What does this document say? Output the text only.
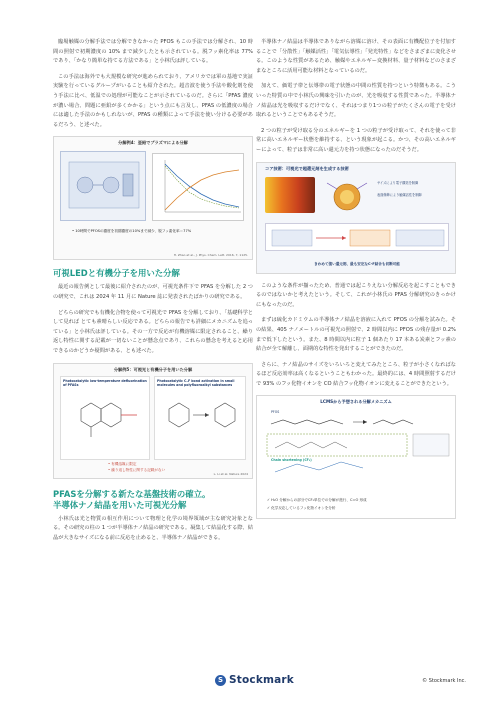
臨場触媒の分解手法では分解できなかった PFOS もこの手法では分解され、10 時間の照射で初期濃度の 10% まで減少したとも示されている。脱フッ素化率は 77% であり、「かなり簡単な持てる方法である」と小林氏は評している。

この手法は海外でも大規模な研究が進められており、アメリカでは軍の基地で実証実験を行っているグループがいることも紹介された。超音波を使う手法や酸化剤を使う手法に比べ、低温での処理が可能なことが示されているのだ。さらに「PFAS 濃度が濃い場合、問題に亜鉛が多くかかる」という点にも言及し、PFAS の低濃度の場合には適した手法のかもしれないが、PFAS の種類によって手法を使い分ける必要があるだろう、と述べた。

分解例4：亜鉛でプラズマによる分解
• 10時間でPFOSの濃度を初期濃度の10%まで減少、脱フッ素化率＝77%
H. Zhao et al., J. Phys. Chem. Lett. 2016, 7, 1125.
可視LEDと有機分子を用いた分解

最近の報告例として最後に紹介されたのが、可視光条件下で PFAS を分解した 2 つの研究で、これは 2024 年 11 月に Nature 誌に発表されたばかりの研究である。

どちらの研究でも有機化合物を使って可視光で PFAS を分解しており、「基礎科学として見れば とても素晴らしい反応である。どちらの報告でも詳細にメカニズムを追っている」と小林氏は評している。その一方で反応が有機溶媒に限定されること、繰り返し特性に関する記載が一切ないことが懸念点であり、これらの懸念を考えると応用できるのかどうか疑問がある、とも述べた。

分解例5：可視光と有機分子を用いた分解
Photocatalytic low-temperature defluorination of PFASs
Photocatalytic C–F bond activation in small molecules and polyfluoroalkyl substances
• 有機溶媒に限定
• 繰り返し特性に関する記載がない
L. Li et al. Nature 2024
PFASを分解する新たな基盤技術の確立。
半導体ナノ結晶を用いた可視光分解

小林氏は光と物質の相互作用について物理と化学の境界領域が主な研究対象となる。その研究の柱の 1 つが半導体ナノ結晶の研究である。凝集して結晶化する際、結晶が大きなサイズになる前に反応を止めると、半導体ナノ結晶ができる。

半導体ナノ結晶は半導体でありながら溶媒に溶け、その表面に有機配位子を付加することで「分散性」「触媒活性」「電気伝導性」「発光特性」などをさまざまに変化させる。このような性質があるため、触媒やエネルギー変換材料、量子材料などのさまざまなところに活用可能な材料となっているのだ。

加えて、価電子帯と伝導帯の電子状態の中間の性質を持つという特徴もある。こういった特質の中で小林氏の興味を引いたのが、光を吸収する性質であった。半導体ナノ結晶は光を吸収するだけでなく、それはつまり1つの粒子がたくさんの電子を受け取れるということでもあるそうだ。

2 つの粒子が受け取る分のエネルギーを 1 つの粒子が受け取って、それを使って非常に高いエネルギー状態を維持する、という現象が起こる。かつ、その高いエネルギーによって、粒子は非常に高い還元力を持つ状態になったのだそうだ。

コア技術：可視光で超還元剤を生成する技術
サイズにより電子構造を制御
表面修飾により触媒活性を制御
きわめて強い還元剤、最も安定なC-F結合も切断可能

このような条件が揃ったため、普通では起こりえない分解反応を起こすこともできるのではないかと考えたという。そして、これが小林氏の PFAS 分解研究のきっかけにもなったのだ。

まずは硫化カドミウムの半導体ナノ結晶を溶液に入れて PFOS の分解を試みた。その結果、405 ナノメートルの可視光の照射で、2 時間以内に PFOS の残存量が 0.2% まで低下したという。また、8 時間以内に粒子 1 個あたり 17 本ある炭素とフッ素の結合が全て解離し、面期的な特性を発出することができたのだ。

さらに、ナノ結晶のサイズをいろいろと変えてみたところ、粒子が小さくなればなるほど反応効率は高くなるということもわかった。最終的には、4 時間照射するだけで 93% のフッ化物イオンを CO 結合フッ化物イオンに変えることができたという。

LCMSから予想される分解メカニズム
PFOS
Chain shortening (CF₂)
✓ H₂O 分解からの部分でCF₂単位での分解が進行、C=O 形成
✓ 化学反応しているフッ化物イオンを分析
S Stockmark	© Stockmark Inc.
